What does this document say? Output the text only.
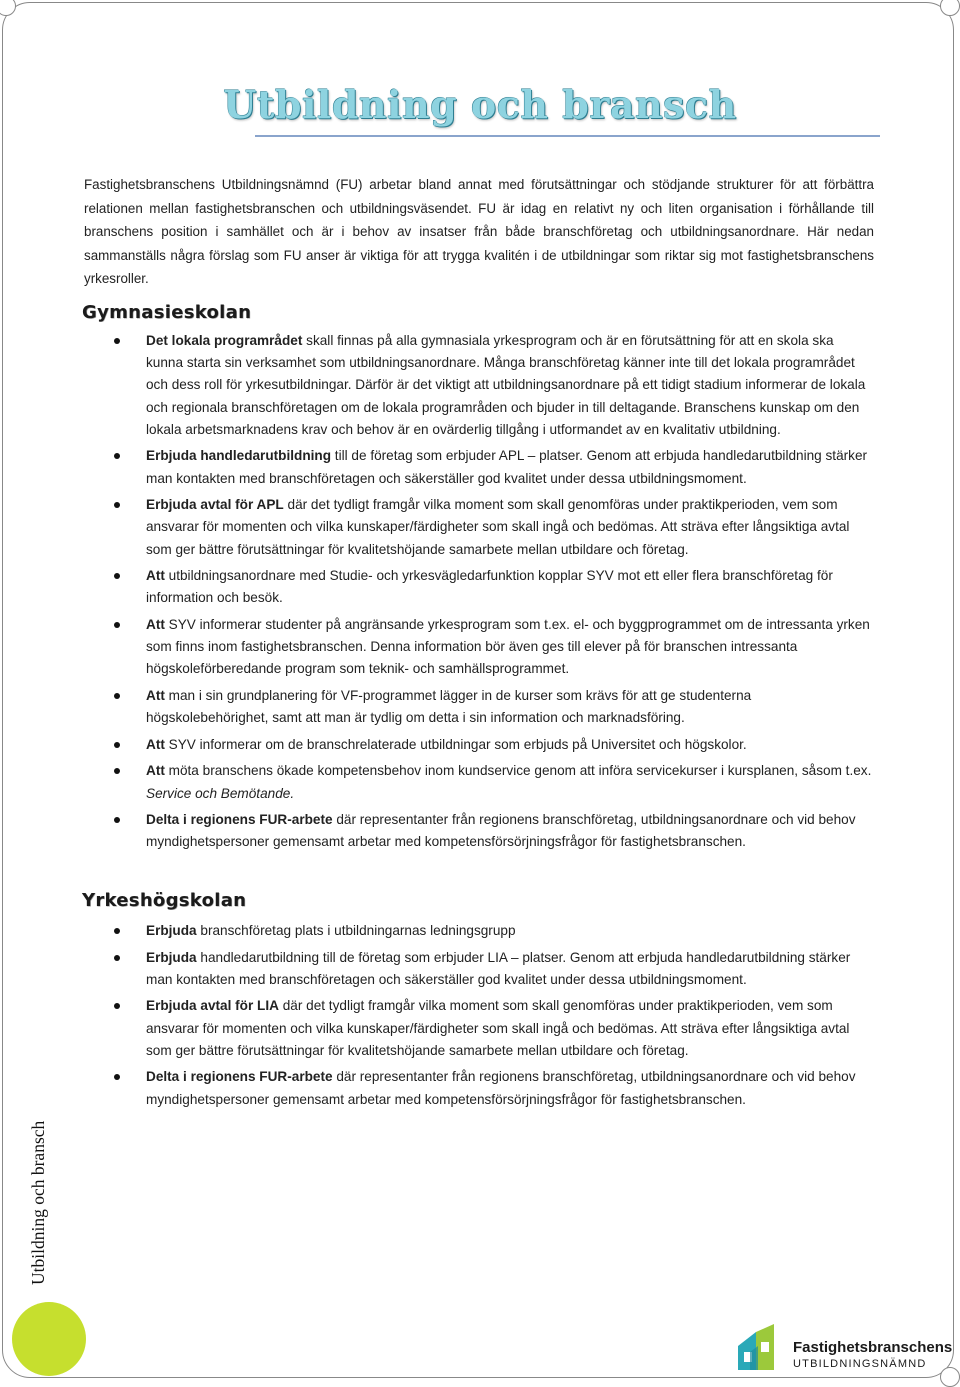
Utbildning och bransch

Fastighetsbranschens Utbildningsnämnd (FU) arbetar bland annat med förutsättningar och stödjande strukturer för att förbättra relationen mellan fastighetsbranschen och utbildningsväsendet. FU är idag en relativt ny och liten organisation i förhållande till branschens position i samhället och är i behov av insatser från både branschföretag och utbildningsanordnare. Här nedan sammanställs några förslag som FU anser är viktiga för att trygga kvalitén i de utbildningar som riktar sig mot fastighetsbranschens yrkesroller.

Gymnasieskolan
Det lokala programrådet skall finnas på alla gymnasiala yrkesprogram och är en förutsättning för att en skola ska kunna starta sin verksamhet som utbildningsanordnare. Många branschföretag känner inte till det lokala programrådet och dess roll för yrkesutbildningar. Därför är det viktigt att utbildningsanordnare på ett tidigt stadium informerar de lokala och regionala branschföretagen om de lokala programråden och bjuder in till deltagande. Branschens kunskap om den lokala arbetsmarknadens krav och behov är en ovärderlig tillgång i utformandet av en kvalitativ utbildning.
Erbjuda handledarutbildning till de företag som erbjuder APL – platser. Genom att erbjuda handledarutbildning stärker man kontakten med branschföretagen och säkerställer god kvalitet under dessa utbildningsmoment.
Erbjuda avtal för APL där det tydligt framgår vilka moment som skall genomföras under praktikperioden, vem som ansvarar för momenten och vilka kunskaper/färdigheter som skall ingå och bedömas. Att sträva efter långsiktiga avtal som ger bättre förutsättningar för kvalitetshöjande samarbete mellan utbildare och företag.
Att utbildningsanordnare med Studie- och yrkesvägledarfunktion kopplar SYV mot ett eller flera branschföretag för information och besök.
Att SYV informerar studenter på angränsande yrkesprogram som t.ex. el- och byggprogrammet om de intressanta yrken som finns inom fastighetsbranschen. Denna information bör även ges till elever på för branschen intressanta högskoleförberedande program som teknik- och samhällsprogrammet.
Att man i sin grundplanering för VF-programmet lägger in de kurser som krävs för att ge studenterna högskolebehörighet, samt att man är tydlig om detta i sin information och marknadsföring.
Att SYV informerar om de branschrelaterade utbildningar som erbjuds på Universitet och högskolor.
Att möta branschens ökade kompetensbehov inom kundservice genom att införa servicekurser i kursplanen, såsom t.ex. Service och Bemötande.
Delta i regionens FUR-arbete där representanter från regionens branschföretag, utbildningsanordnare och vid behov myndighetspersoner gemensamt arbetar med kompetensförsörjningsfrågor för fastighetsbranschen.
Yrkeshögskolan
Erbjuda branschföretag plats i utbildningarnas ledningsgrupp
Erbjuda handledarutbildning till de företag som erbjuder LIA – platser. Genom att erbjuda handledarutbildning stärker man kontakten med branschföretagen och säkerställer god kvalitet under dessa utbildningsmoment.
Erbjuda avtal för LIA där det tydligt framgår vilka moment som skall genomföras under praktikperioden, vem som ansvarar för momenten och vilka kunskaper/färdigheter som skall ingå och bedömas. Att sträva efter långsiktiga avtal som ger bättre förutsättningar för kvalitetshöjande samarbete mellan utbildare och företag.
Delta i regionens FUR-arbete där representanter från regionens branschföretag, utbildningsanordnare och vid behov myndighetspersoner gemensamt arbetar med kompetensförsörjningsfrågor för fastighetsbranschen.
Utbildning och bransch
Fastighetsbranschens
UTBILDNINGSNÄMND
